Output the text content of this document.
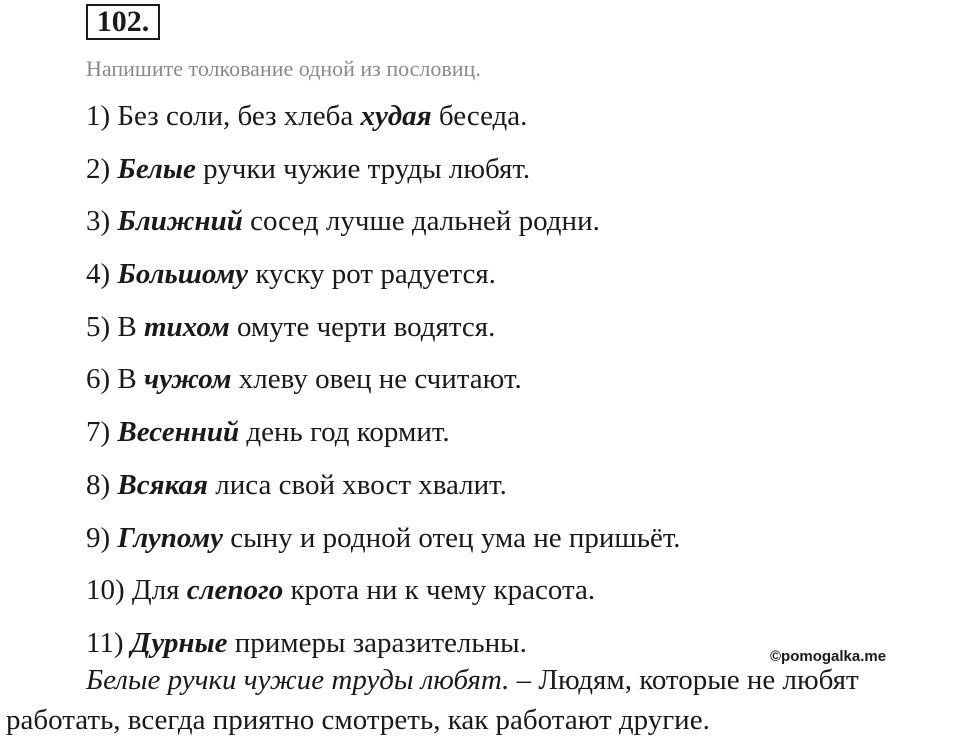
102.
Напишите толкование одной из пословиц.
1) Без соли, без хлеба худая беседа.
2) Белые ручки чужие труды любят.
3) Ближний сосед лучше дальней родни.
4) Большому куску рот радуется.
5) В тихом омуте черти водятся.
6) В чужом хлеву овец не считают.
7) Весенний день год кормит.
8) Всякая лиса свой хвост хвалит.
9) Глупому сыну и родной отец ума не пришьёт.
10) Для слепого крота ни к чему красота.
11) Дурные примеры заразительны.	©pomogalka.me

Белые ручки чужие труды любят. – Людям, которые не любят работать, всегда приятно смотреть, как работают другие.
